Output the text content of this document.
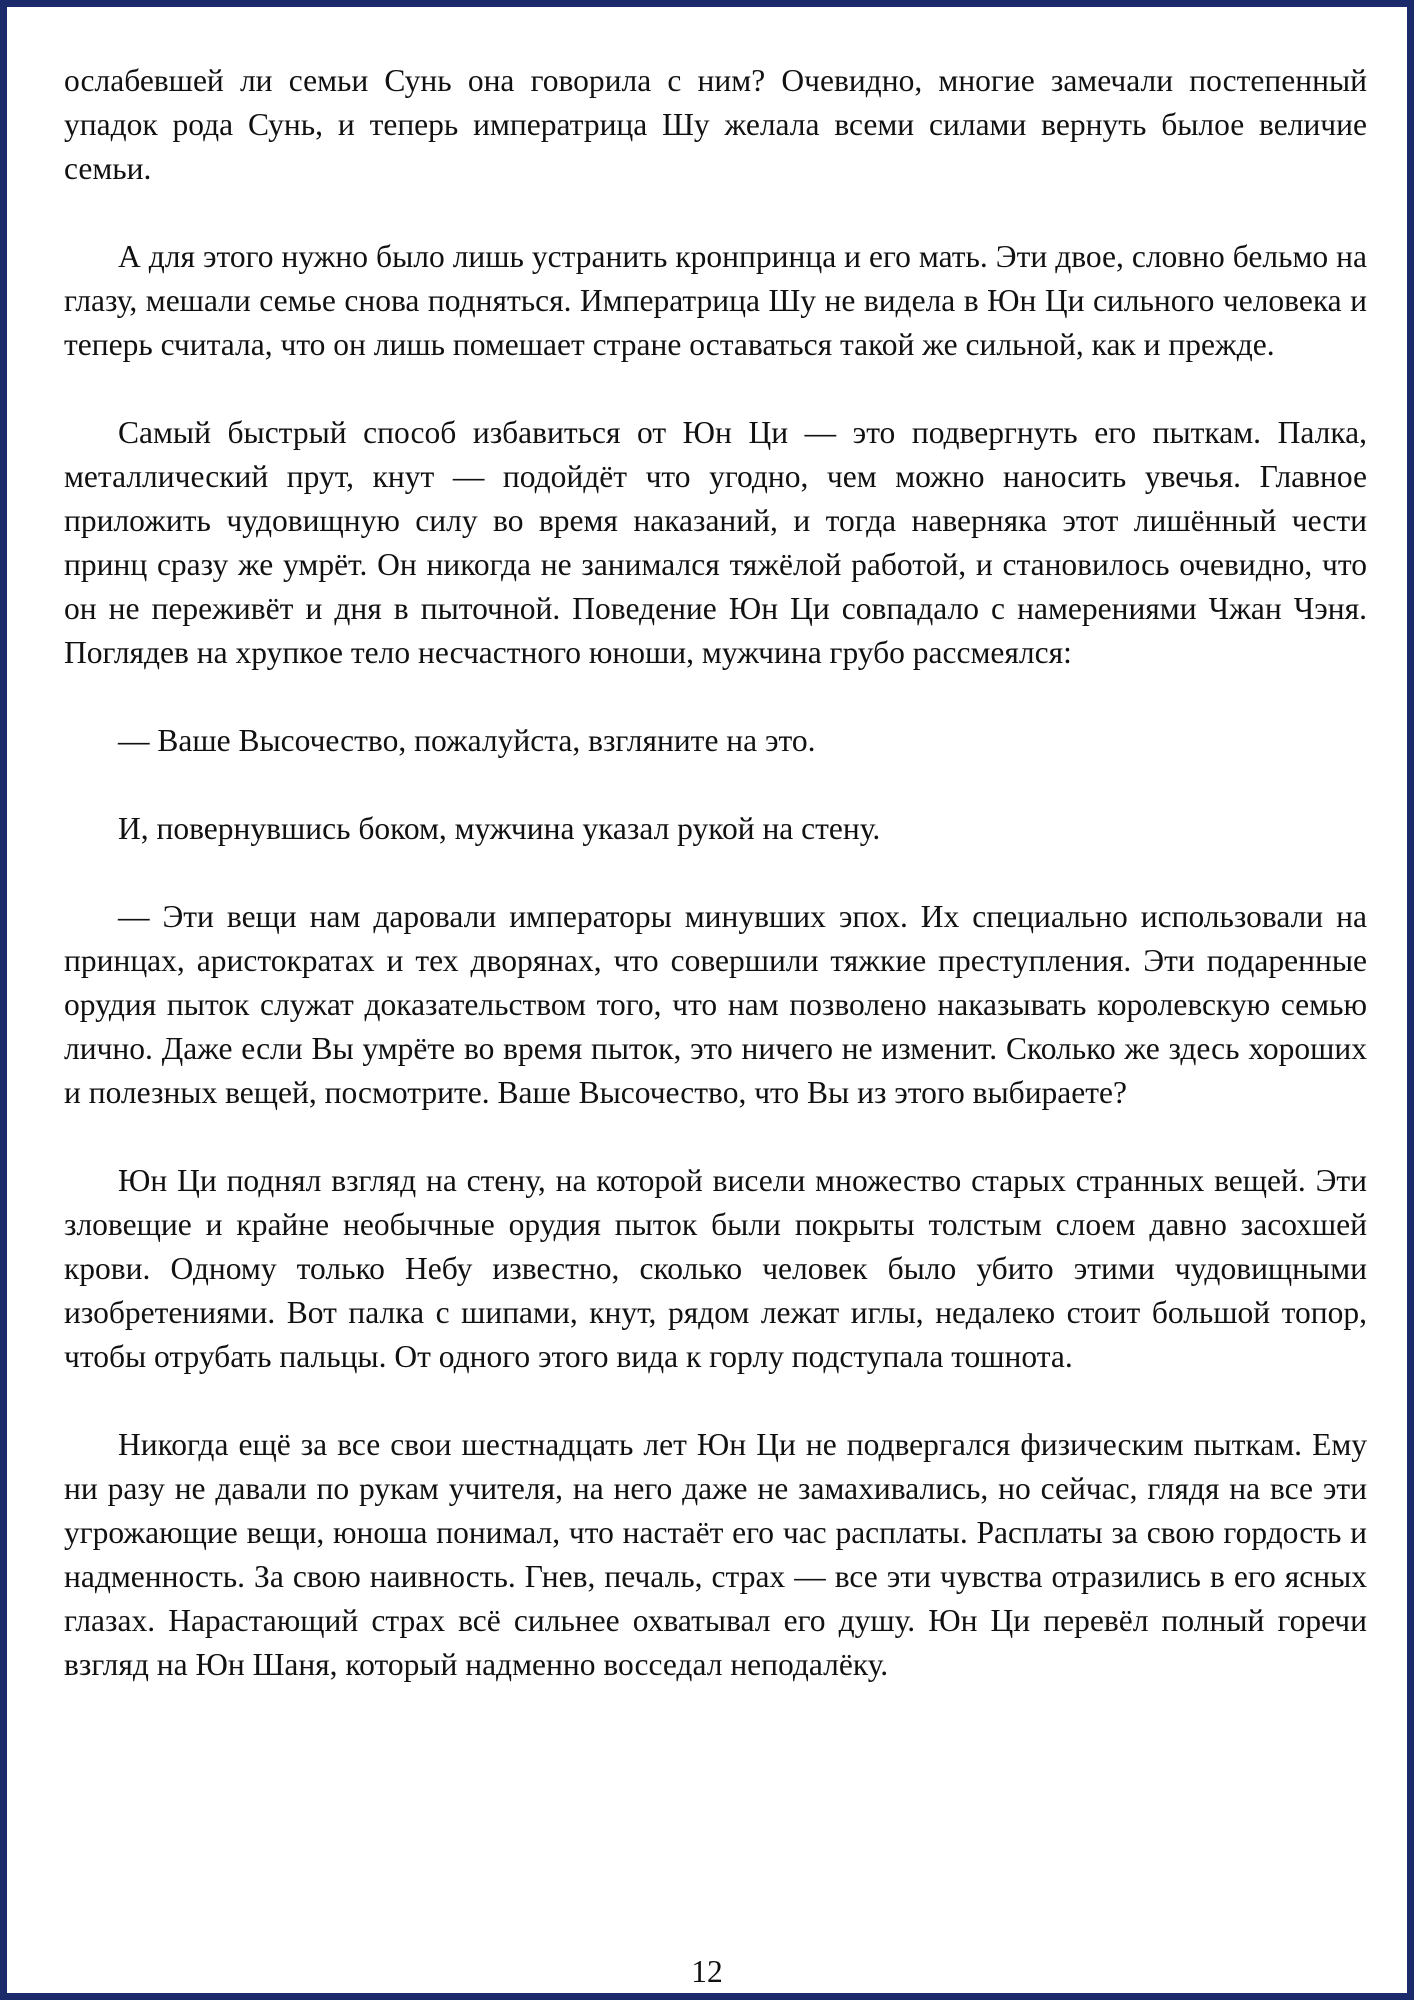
ослабевшей ли семьи Сунь она говорила с ним? Очевидно, многие замечали постепенный упадок рода Сунь, и теперь императрица Шу желала всеми силами вернуть былое величие семьи.

А для этого нужно было лишь устранить кронпринца и его мать. Эти двое, словно бельмо на глазу, мешали семье снова подняться. Императрица Шу не видела в Юн Ци сильного человека и теперь считала, что он лишь помешает стране оставаться такой же сильной, как и прежде.

Самый быстрый способ избавиться от Юн Ци — это подвергнуть его пыткам. Палка, металлический прут, кнут — подойдёт что угодно, чем можно наносить увечья. Главное приложить чудовищную силу во время наказаний, и тогда наверняка этот лишённый чести принц сразу же умрёт. Он никогда не занимался тяжёлой работой, и становилось очевидно, что он не переживёт и дня в пыточной. Поведение Юн Ци совпадало с намерениями Чжан Чэня. Поглядев на хрупкое тело несчастного юноши, мужчина грубо рассмеялся:

— Ваше Высочество, пожалуйста, взгляните на это.

И, повернувшись боком, мужчина указал рукой на стену.

— Эти вещи нам даровали императоры минувших эпох. Их специально использовали на принцах, аристократах и тех дворянах, что совершили тяжкие преступления. Эти подаренные орудия пыток служат доказательством того, что нам позволено наказывать королевскую семью лично. Даже если Вы умрёте во время пыток, это ничего не изменит. Сколько же здесь хороших и полезных вещей, посмотрите. Ваше Высочество, что Вы из этого выбираете?

Юн Ци поднял взгляд на стену, на которой висели множество старых странных вещей. Эти зловещие и крайне необычные орудия пыток были покрыты толстым слоем давно засохшей крови. Одному только Небу известно, сколько человек было убито этими чудовищными изобретениями. Вот палка с шипами, кнут, рядом лежат иглы, недалеко стоит большой топор, чтобы отрубать пальцы. От одного этого вида к горлу подступала тошнота.

Никогда ещё за все свои шестнадцать лет Юн Ци не подвергался физическим пыткам. Ему ни разу не давали по рукам учителя, на него даже не замахивались, но сейчас, глядя на все эти угрожающие вещи, юноша понимал, что настаёт его час расплаты. Расплаты за свою гордость и надменность. За свою наивность. Гнев, печаль, страх — все эти чувства отразились в его ясных глазах. Нарастающий страх всё сильнее охватывал его душу. Юн Ци перевёл полный горечи взгляд на Юн Шаня, который надменно восседал неподалёку.

12
